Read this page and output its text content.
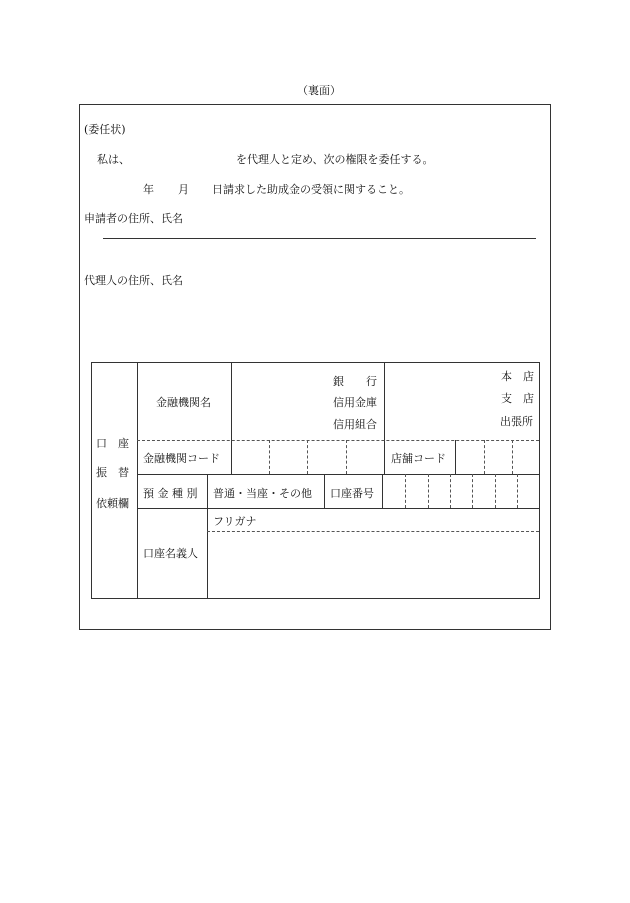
（裏面）
(委任状)
私は、	を代理人と定め、次の権限を委任する。
年 月 日請求した助成金の受領に関すること。
申請者の住所、氏名
代理人の住所、氏名
口　座
振　替
依頼欄
金融機関名
銀　　行
信用金庫
信用組合
本　店
支　店
出張所
金融機関コード	店舗コード
預 金 種 別 普通・当座・その他 口座番号
フリガナ
口座名義人
